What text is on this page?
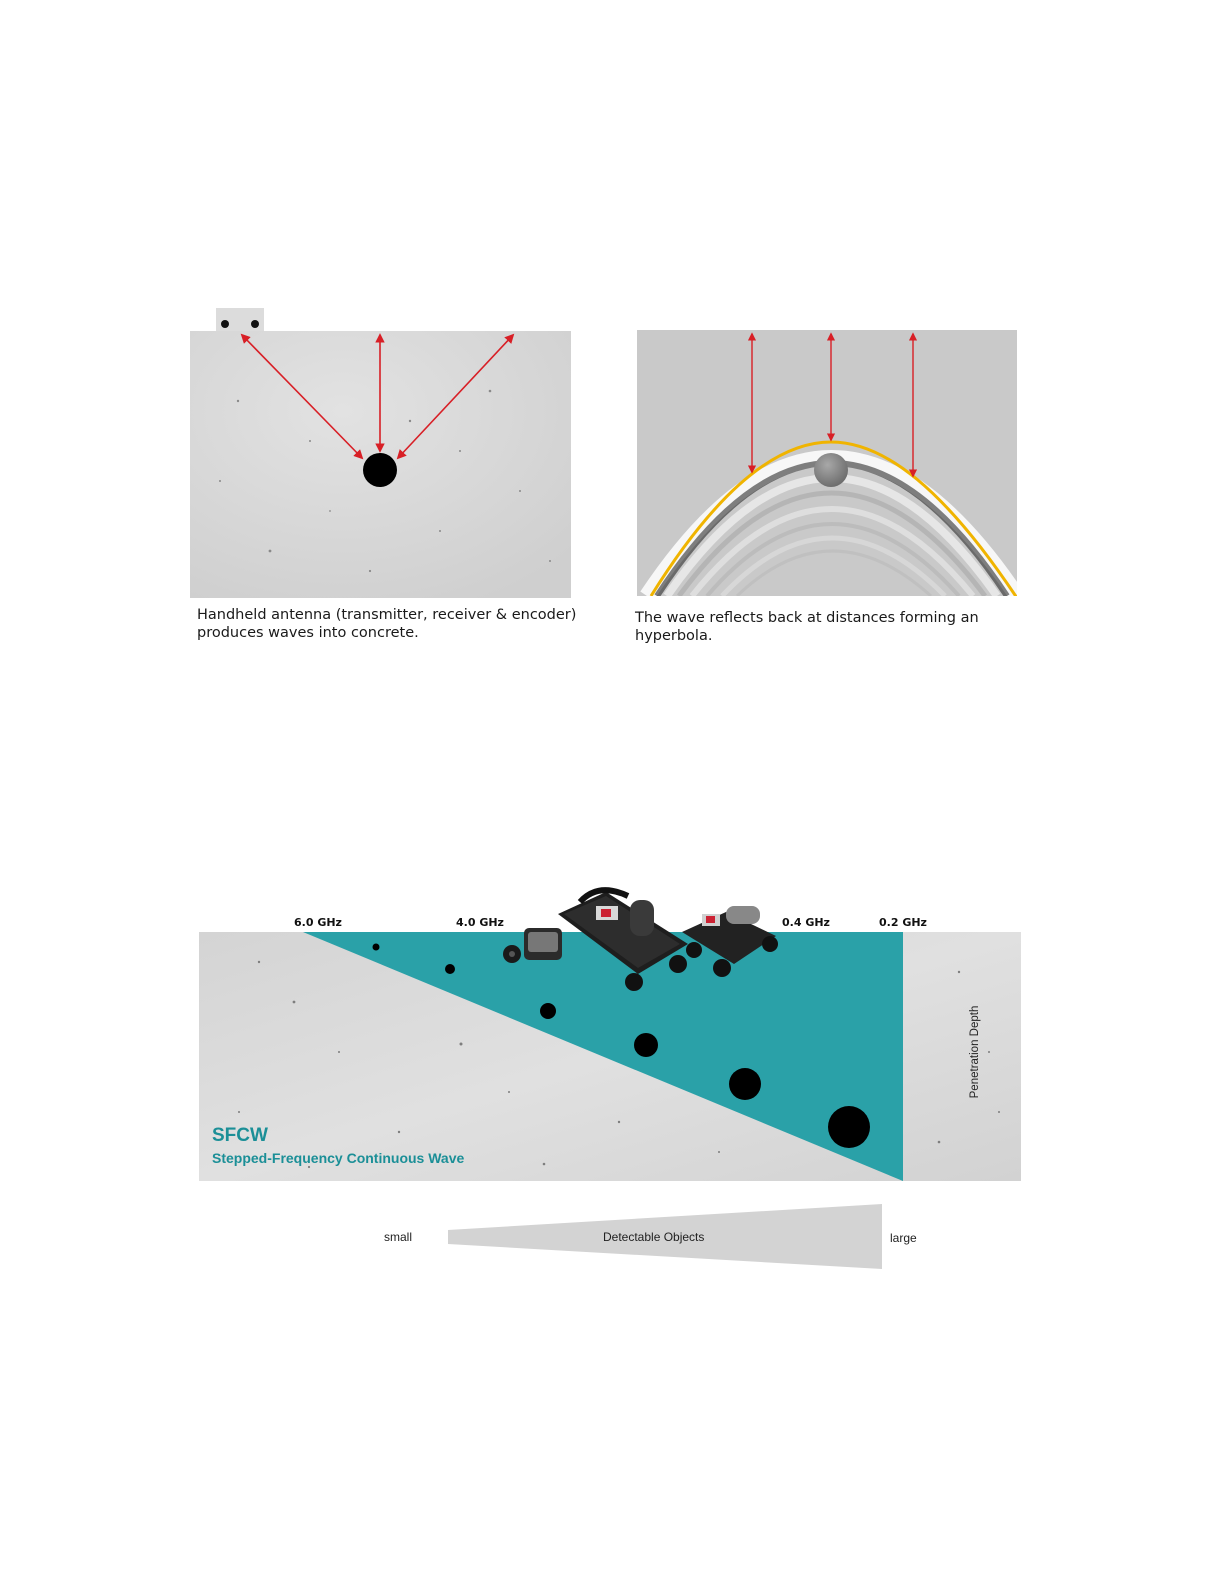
Handheld antenna (transmitter, receiver & encoder)
produces waves into concrete.
The wave reflects back at distances forming an hyperbola.
6.0 GHz	4.0 GHz	0.4 GHz	0.2 GHz
Penetration Depth
SFCW
Stepped-Frequency Continuous Wave
small	Detectable Objects	large
